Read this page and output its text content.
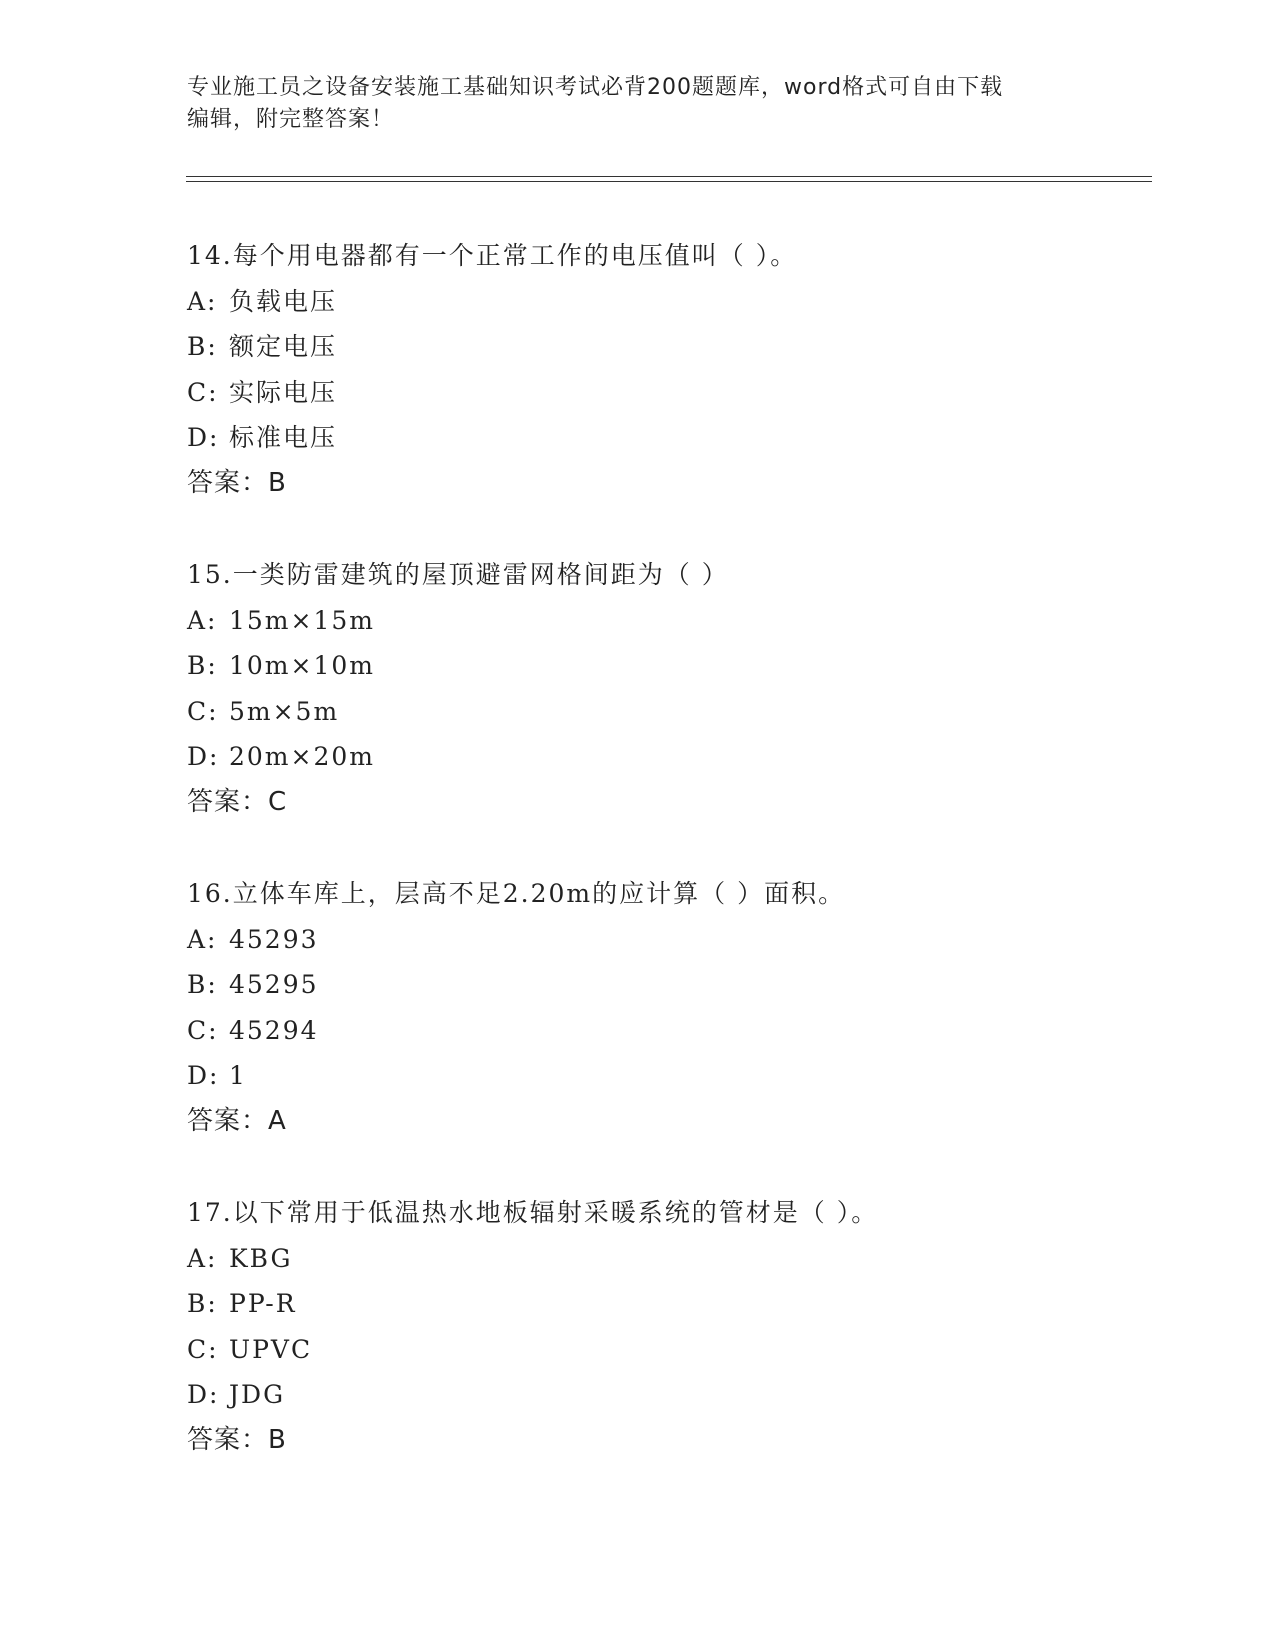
专业施工员之设备安装施工基础知识考试必背200题题库，word格式可自由下载
编辑，附完整答案！
14.每个用电器都有一个正常工作的电压值叫（ ）。
A: 负载电压
B: 额定电压
C: 实际电压
D: 标准电压
答案：B
15.一类防雷建筑的屋顶避雷网格间距为（ ）
A: 15m×15m
B: 10m×10m
C: 5m×5m
D: 20m×20m
答案：C
16.立体车库上，层高不足2.20m的应计算（ ）面积。
A: 45293
B: 45295
C: 45294
D: 1
答案：A
17.以下常用于低温热水地板辐射采暖系统的管材是（ ）。
A: KBG
B: PP-R
C: UPVC
D: JDG
答案：B
